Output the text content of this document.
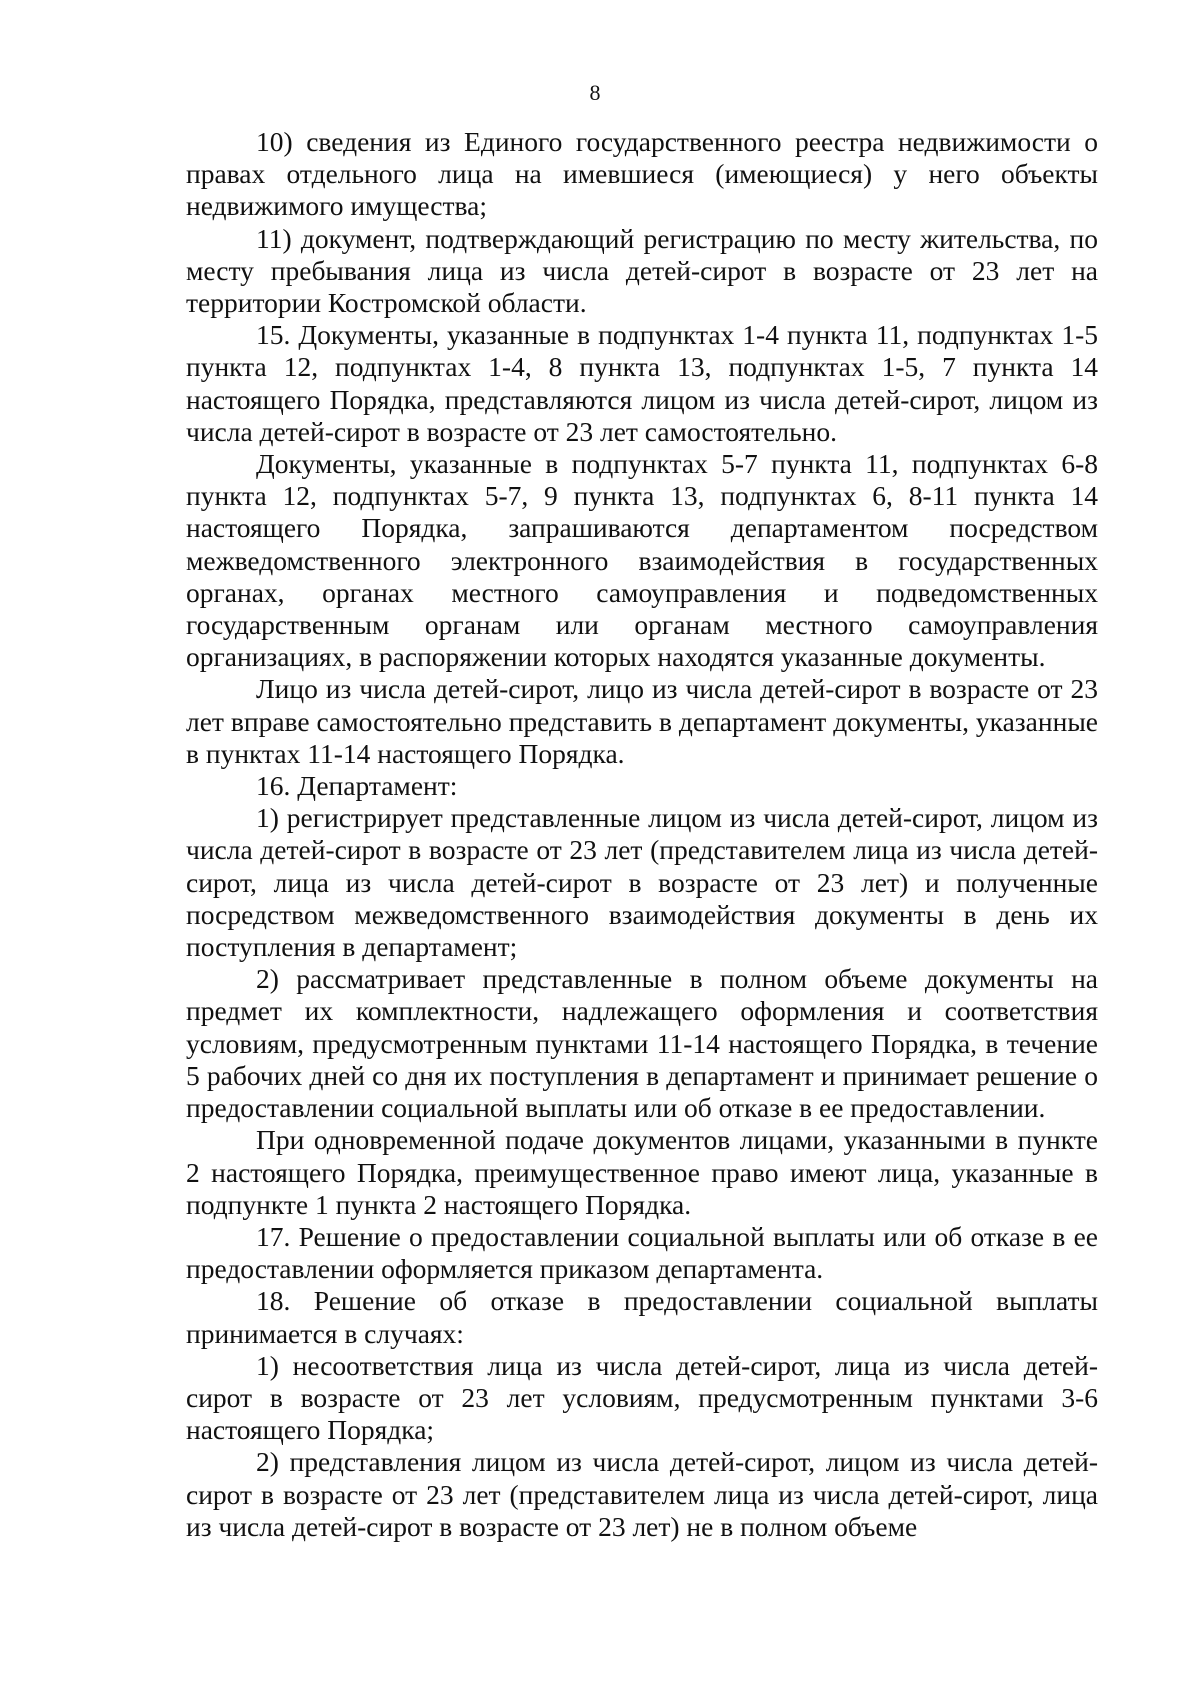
8

10) сведения из Единого государственного реестра недвижимости о правах отдельного лица на имевшиеся (имеющиеся) у него объекты недвижимого имущества;

11) документ, подтверждающий регистрацию по месту жительства, по месту пребывания лица из числа детей-сирот в возрасте от 23 лет на территории Костромской области.

15. Документы, указанные в подпунктах 1-4 пункта 11, подпунктах 1-5 пункта 12, подпунктах 1-4, 8 пункта 13, подпунктах 1-5, 7 пункта 14 настоящего Порядка, представляются лицом из числа детей-сирот, лицом из числа детей-сирот в возрасте от 23 лет самостоятельно.

Документы, указанные в подпунктах 5-7 пункта 11, подпунктах 6-8 пункта 12, подпунктах 5-7, 9 пункта 13, подпунктах 6, 8-11 пункта 14 настоящего Порядка, запрашиваются департаментом посредством межведомственного электронного взаимодействия в государственных органах, органах местного самоуправления и подведомственных государственным органам или органам местного самоуправления организациях, в распоряжении которых находятся указанные документы.

Лицо из числа детей-сирот, лицо из числа детей-сирот в возрасте от 23 лет вправе самостоятельно представить в департамент документы, указанные в пунктах 11-14 настоящего Порядка.

16. Департамент:

1) регистрирует представленные лицом из числа детей-сирот, лицом из числа детей-сирот в возрасте от 23 лет (представителем лица из числа детей-сирот, лица из числа детей-сирот в возрасте от 23 лет) и полученные посредством межведомственного взаимодействия документы в день их поступления в департамент;

2) рассматривает представленные в полном объеме документы на предмет их комплектности, надлежащего оформления и соответствия условиям, предусмотренным пунктами 11-14 настоящего Порядка, в течение 5 рабочих дней со дня их поступления в департамент и принимает решение о предоставлении социальной выплаты или об отказе в ее предоставлении.

При одновременной подаче документов лицами, указанными в пункте 2 настоящего Порядка, преимущественное право имеют лица, указанные в подпункте 1 пункта 2 настоящего Порядка.

17. Решение о предоставлении социальной выплаты или об отказе в ее предоставлении оформляется приказом департамента.

18. Решение об отказе в предоставлении социальной выплаты принимается в случаях:

1) несоответствия лица из числа детей-сирот, лица из числа детей-сирот в возрасте от 23 лет условиям, предусмотренным пунктами 3-6 настоящего Порядка;

2) представления лицом из числа детей-сирот, лицом из числа детей-сирот в возрасте от 23 лет (представителем лица из числа детей-сирот, лица из числа детей-сирот в возрасте от 23 лет) не в полном объеме
